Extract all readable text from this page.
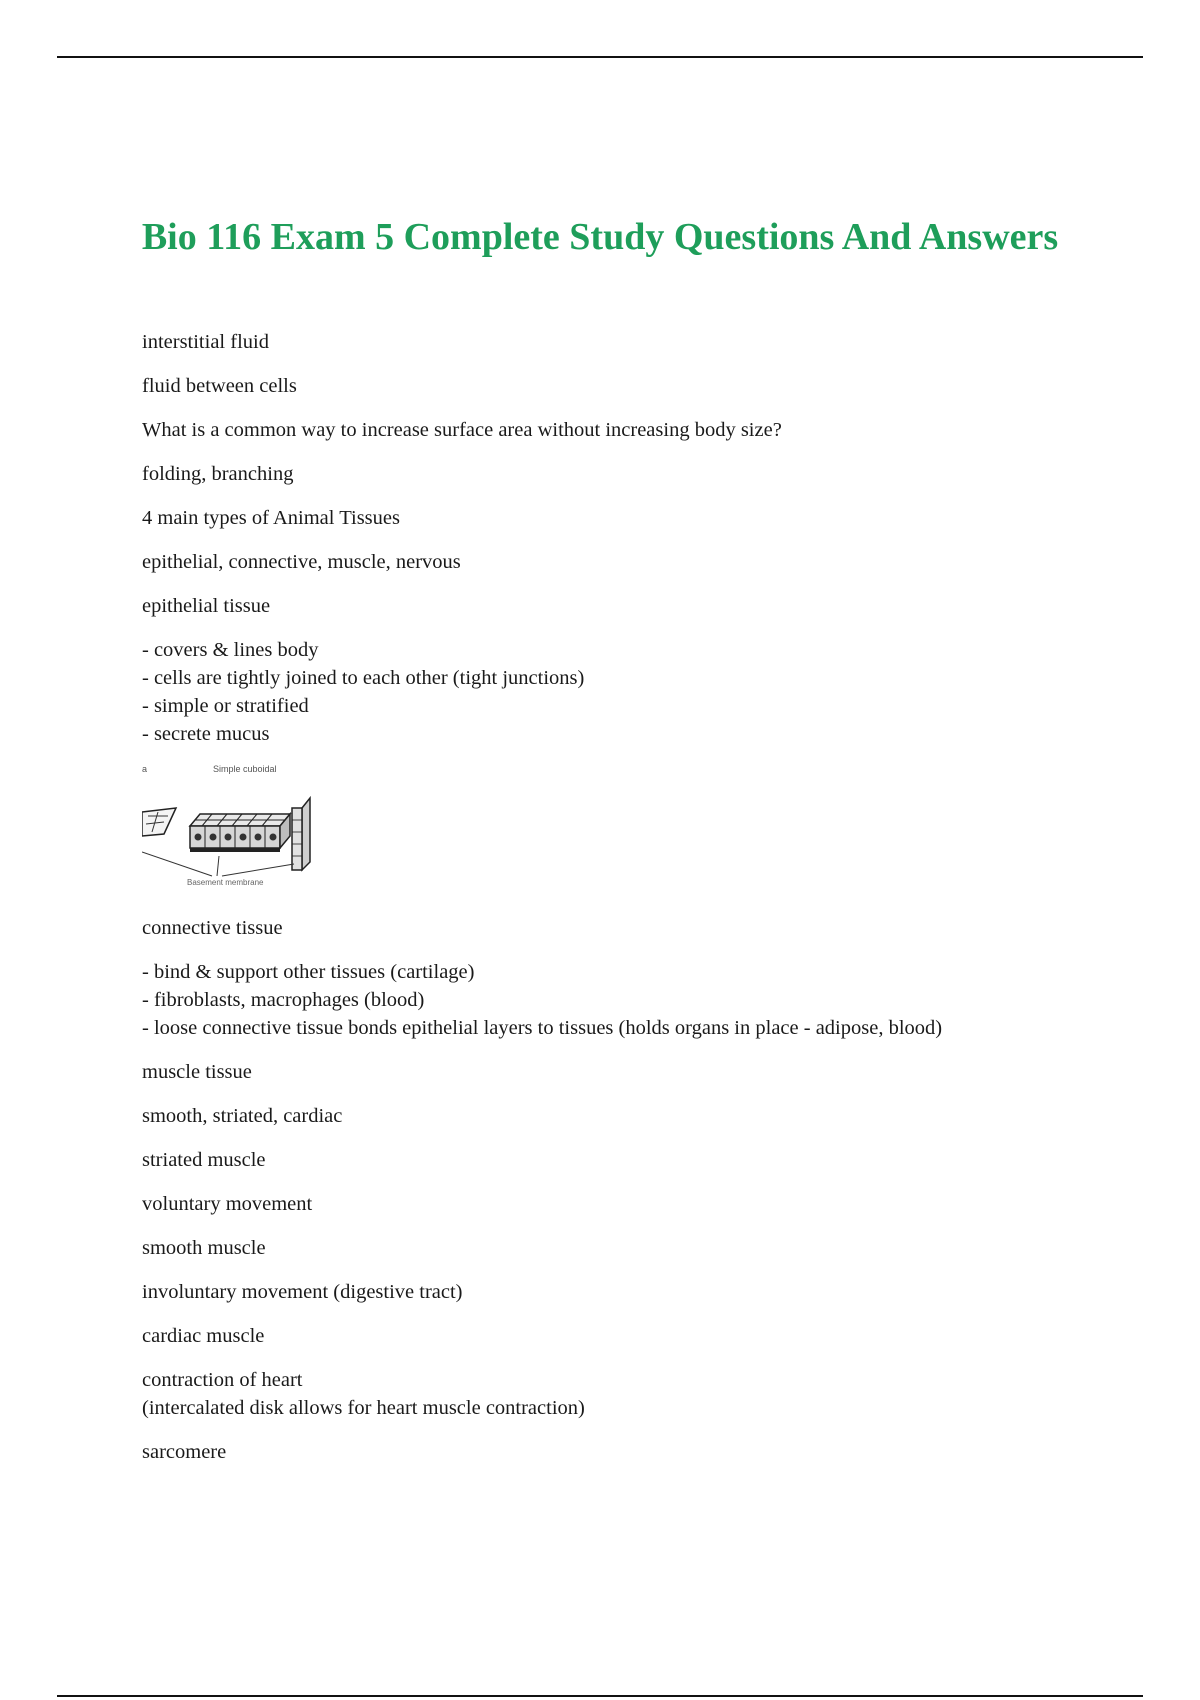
Bio 116 Exam 5 Complete Study Questions And Answers
interstitial fluid
fluid between cells
What is a common way to increase surface area without increasing body size?
folding, branching
4 main types of Animal Tissues
epithelial, connective, muscle, nervous
epithelial tissue
- covers & lines body
- cells are tightly joined to each other (tight junctions)
- simple or stratified
- secrete mucus
a	Simple cuboidal
Basement membrane
connective tissue
- bind & support other tissues (cartilage)
- fibroblasts, macrophages (blood)
- loose connective tissue bonds epithelial layers to tissues (holds organs in place - adipose, blood)
muscle tissue
smooth, striated, cardiac
striated muscle
voluntary movement
smooth muscle
involuntary movement (digestive tract)
cardiac muscle
contraction of heart
(intercalated disk allows for heart muscle contraction)
sarcomere
